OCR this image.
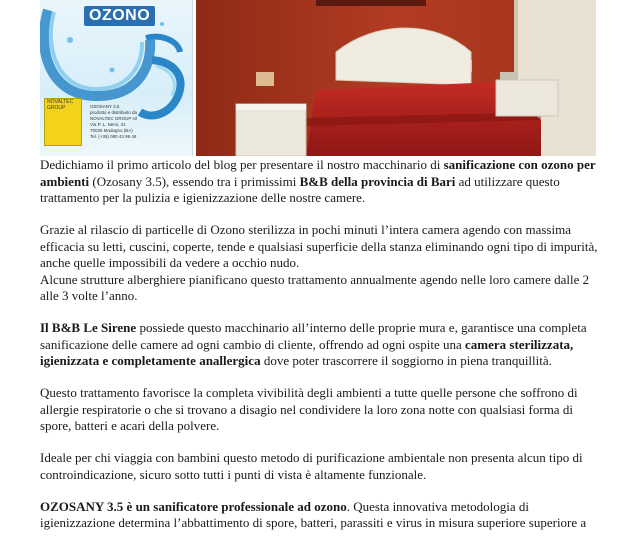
OZONO
NOVALTEC
GROUP	OZOSANY 3,5
prodotto e distribuito da
NOVALTEC GROUP srl
Via P. L. Nervi, 31
70026 Modugno (BA)
Tel. (+39) 080 44 99 49

Dedichiamo il primo articolo del blog per presentare il nostro macchinario di sanificazione con ozono per ambienti (Ozosany 3.5), essendo tra i primissimi B&B della provincia di Bari ad utilizzare questo trattamento per la pulizia e igienizzazione delle nostre camere.

Grazie al rilascio di particelle di Ozono sterilizza in pochi minuti l’intera camera agendo con massima efficacia su letti, cuscini, coperte, tende e qualsiasi superficie della stanza eliminando ogni tipo di impurità, anche quelle impossibili da vedere a occhio nudo.
Alcune strutture alberghiere pianificano questo trattamento annualmente agendo nelle loro camere dalle 2 alle 3 volte l’anno.

Il B&B Le Sirene possiede questo macchinario all’interno delle proprie mura e, garantisce una completa sanificazione delle camere ad ogni cambio di cliente, offrendo ad ogni ospite una camera sterilizzata, igienizzata e completamente anallergica dove poter trascorrere il soggiorno in piena tranquillità.

Questo trattamento favorisce la completa vivibilità degli ambienti a tutte quelle persone che soffrono di allergie respiratorie o che si trovano a disagio nel condividere la loro zona notte con qualsiasi forma di spore, batteri e acari della polvere.

Ideale per chi viaggia con bambini questo metodo di purificazione ambientale non presenta alcun tipo di controindicazione, sicuro sotto tutti i punti di vista è altamente funzionale.

OZOSANY 3.5 è un sanificatore professionale ad ozono. Questa innovativa metodologia di igienizzazione determina l’abbattimento di spore, batteri, parassiti e virus in misura superiore superiore a
